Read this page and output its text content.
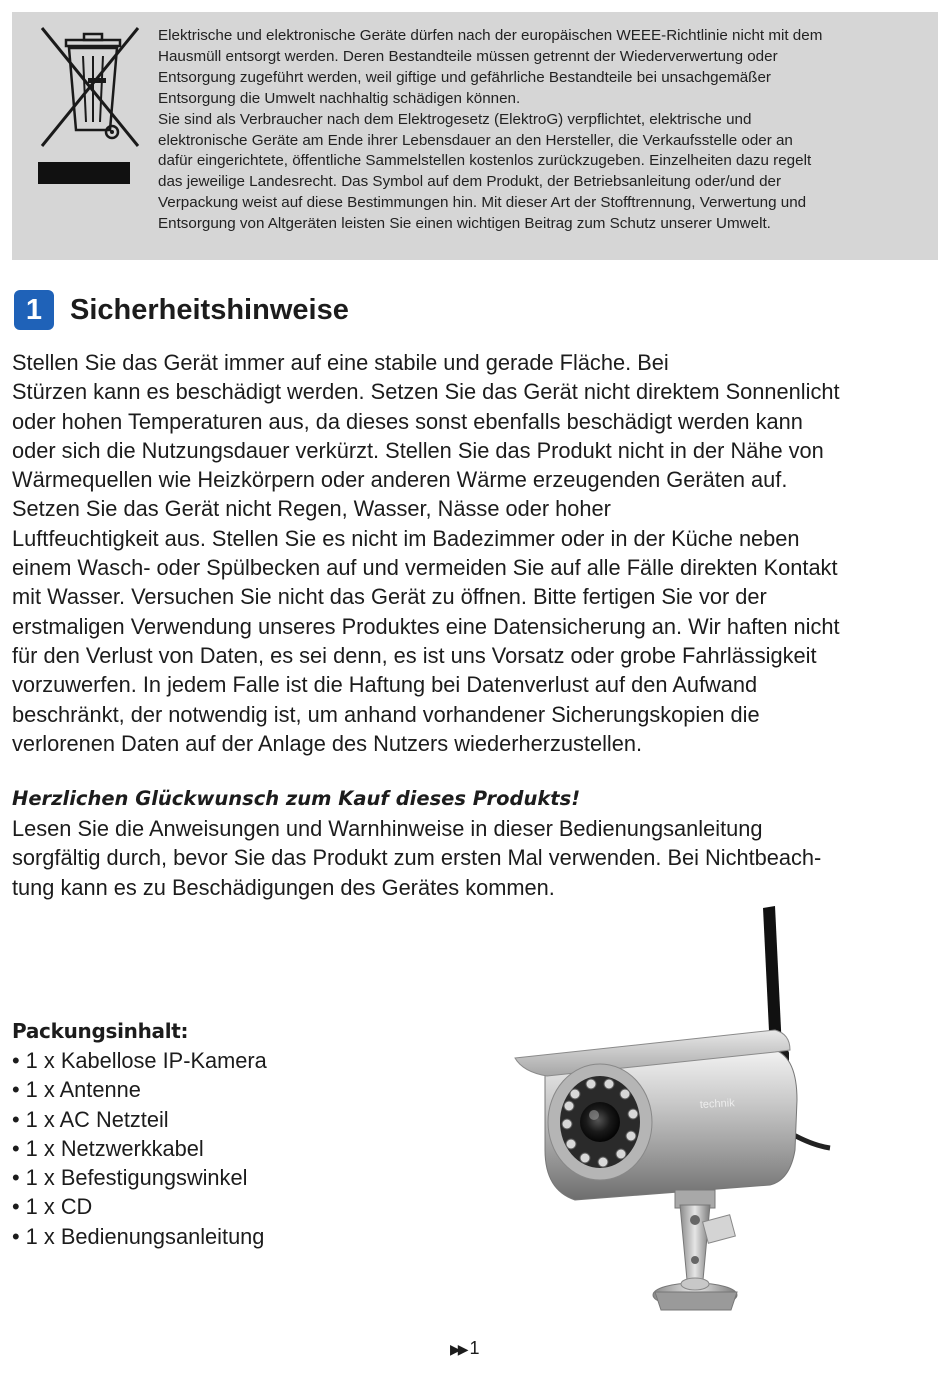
Elektrische und elektronische Geräte dürfen nach der europäischen WEEE-Richtlinie nicht mit dem

Hausmüll entsorgt werden. Deren Bestandteile müssen getrennt der Wiederverwertung oder

Entsorgung zugeführt werden, weil giftige und gefährliche Bestandteile bei unsachgemäßer

Entsorgung die Umwelt nachhaltig schädigen können.

Sie sind als Verbraucher nach dem Elektrogesetz (ElektroG) verpflichtet, elektrische und

elektronische Geräte am Ende ihrer Lebensdauer an den Hersteller, die Verkaufsstelle oder an

dafür eingerichtete, öffentliche Sammelstellen kostenlos zurückzugeben. Einzelheiten dazu regelt

das jeweilige Landesrecht. Das Symbol auf dem Produkt, der Betriebsanleitung oder/und der

Verpackung weist auf diese Bestimmungen hin. Mit dieser Art der Stofftrennung, Verwertung und

Entsorgung von Altgeräten leisten Sie einen wichtigen Beitrag zum Schutz unserer Umwelt.

1 Sicherheitshinweise
Stellen Sie das Gerät immer auf eine stabile und gerade Fläche. Bei
Stürzen kann es beschädigt werden. Setzen Sie das Gerät nicht direktem Sonnenlicht
oder hohen Temperaturen aus, da dieses sonst ebenfalls beschädigt werden kann
oder sich die Nutzungsdauer verkürzt. Stellen Sie das Produkt nicht in der Nähe von
Wärmequellen wie Heizkörpern oder anderen Wärme erzeugenden Geräten auf.
Setzen Sie das Gerät nicht Regen, Wasser, Nässe oder hoher
Luftfeuchtigkeit aus. Stellen Sie es nicht im Badezimmer oder in der Küche neben
einem Wasch- oder Spülbecken auf und vermeiden Sie auf alle Fälle direkten Kontakt
mit Wasser. Versuchen Sie nicht das Gerät zu öffnen. Bitte fertigen Sie vor der
erstmaligen Verwendung unseres Produktes eine Datensicherung an. Wir haften nicht
für den Verlust von Daten, es sei denn, es ist uns Vorsatz oder grobe Fahrlässigkeit
vorzuwerfen. In jedem Falle ist die Haftung bei Datenverlust auf den Aufwand
beschränkt, der notwendig ist, um anhand vorhandener Sicherungskopien die
verlorenen Daten auf der Anlage des Nutzers wiederherzustellen.
Herzlichen Glückwunsch zum Kauf dieses Produkts!
Lesen Sie die Anweisungen und Warnhinweise in dieser Bedienungsanleitung
sorgfältig durch, bevor Sie das Produkt zum ersten Mal verwenden. Bei Nichtbeach-
tung kann es zu Beschädigungen des Gerätes kommen.
Packungsinhalt:
• 1 x Kabellose IP-Kamera
• 1 x Antenne
• 1 x AC Netzteil
• 1 x Netzwerkkabel
• 1 x Befestigungswinkel
• 1 x CD
• 1 x Bedienungsanleitung
technik
▶▶ 1
